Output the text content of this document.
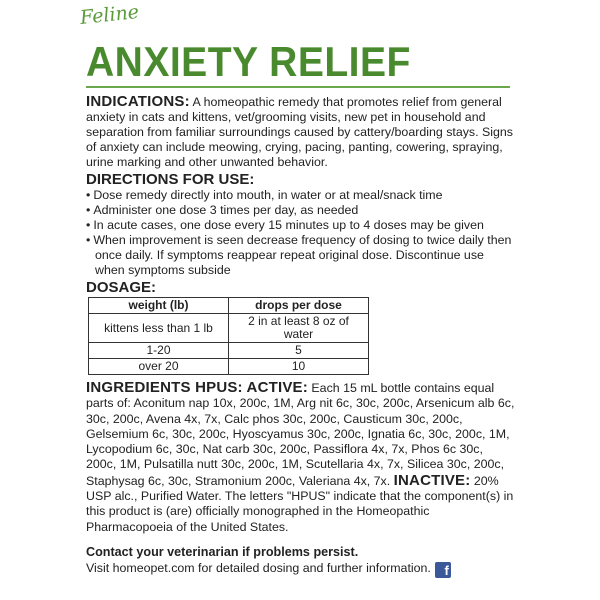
Feline
ANXIETY RELIEF

INDICATIONS: A homeopathic remedy that promotes relief from general anxiety in cats and kittens, vet/grooming visits, new pet in household and separation from familiar surroundings caused by cattery/boarding stays. Signs of anxiety can include meowing, crying, pacing, panting, cowering, spraying, urine marking and other unwanted behavior.

DIRECTIONS FOR USE:
• Dose remedy directly into mouth, in water or at meal/snack time
• Administer one dose 3 times per day, as needed
• In acute cases, one dose every 15 minutes up to 4 doses may be given
• When improvement is seen decrease frequency of dosing to twice daily then once daily. If symptoms reappear repeat original dose. Discontinue use when symptoms subside
DOSAGE:
weight (lb)	drops per dose
kittens less than 1 lb	2 in at least 8 oz of water
1-20	5
over 20	10

INGREDIENTS HPUS: ACTIVE: Each 15 mL bottle contains equal parts of: Aconitum nap 10x, 200c, 1M, Arg nit 6c, 30c, 200c, Arsenicum alb 6c, 30c, 200c, Avena 4x, 7x, Calc phos 30c, 200c, Causticum 30c, 200c, Gelsemium 6c, 30c, 200c, Hyoscyamus 30c, 200c, Ignatia 6c, 30c, 200c, 1M, Lycopodium 6c, 30c, Nat carb 30c, 200c, Passiflora 4x, 7x, Phos 6c 30c, 200c, 1M, Pulsatilla nutt 30c, 200c, 1M, Scutellaria 4x, 7x, Silicea 30c, 200c, Staphysag 6c, 30c, Stramonium 200c, Valeriana 4x, 7x. INACTIVE: 20% USP alc., Purified Water. The letters "HPUS" indicate that the component(s) in this product is (are) officially monographed in the Homeopathic Pharmacopoeia of the United States.

Contact your veterinarian if problems persist.

Visit homeopet.com for detailed dosing and further information. f
